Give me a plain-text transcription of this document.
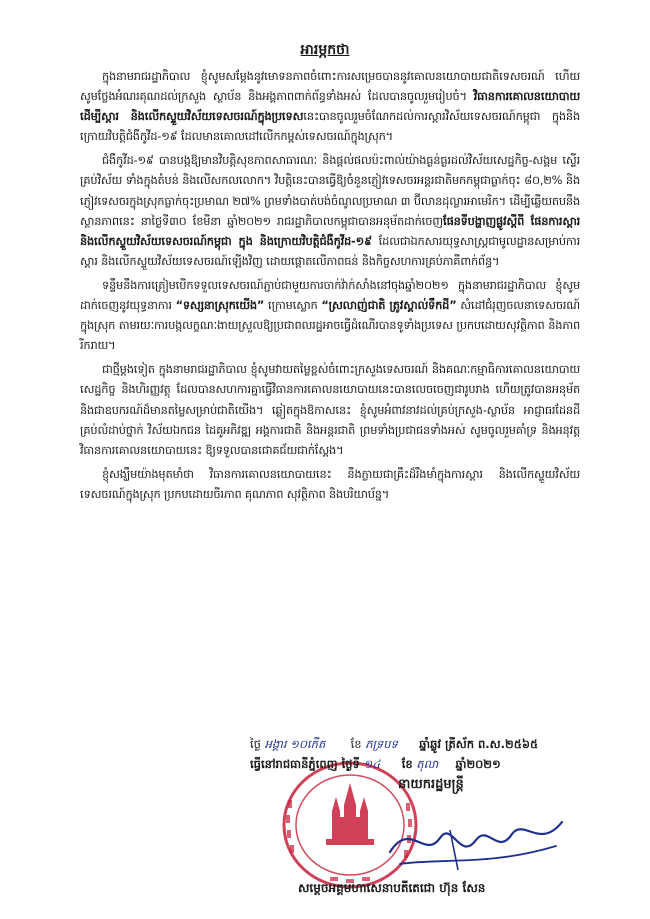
អារម្ភកថា

ក្នុងនាមរាជរដ្ឋាភិបាល ខ្ញុំសូមសម្តែងនូវមោទនភាពចំពោះការសម្រេចបាននូវគោលនយោបាយជាតិទេសចរណ៍ ហើយសូមថ្លែងអំណរគុណដល់ក្រសួង ស្ថាប័ន និងអង្គភាពពាក់ព័ន្ធទាំងអស់ ដែលបានចូលរួមរៀបចំ។ វិធានការគោលនយោបាយដើម្បីស្តារ និងលើកស្ទួយវិស័យទេសចរណ៍ក្នុងប្រទេសនេះបានចូលរួមចំណែកដល់ការស្ដារវិស័យទេសចរណ៍កម្ពុជា ក្នុងនិងក្រោយវិបត្តិជំងឺកូវីដ-១៩ ដែលមានគោលដៅលើកកម្ពស់ទេសចរណ៍ក្នុងស្រុក។

ជំងឺកូវីដ-១៩ បានបង្កឱ្យមានវិបត្តិសុខភាពសាធារណៈ និងផ្ដល់ផលប៉ះពាល់យ៉ាងធ្ងន់ធ្ងរដល់វិស័យសេដ្ឋកិច្ច-សង្គម ស្ទើរគ្រប់វិស័យ ទាំងក្នុងតំបន់ និងលើសកលលោក។ វិបត្តិនេះបានធ្វើឱ្យចំនួនភ្ញៀវទេសចរអន្តរជាតិមកកម្ពុជាធ្លាក់ចុះ ៨០,២% និងភ្ញៀវទេសចរក្នុងស្រុកធ្លាក់ចុះប្រមាណ ២៧% ព្រមទាំងបាត់បង់ចំណូលប្រមាណ ៣ ប៊ីលានដុល្លារអាមេរិក។ ដើម្បីឆ្លើយតបនឹងស្ថានភាពនេះ នាថ្ងៃទី៣០ ខែមីនា ឆ្នាំ២០២១ រាជរដ្ឋាភិបាលកម្ពុជាបានអនុម័តដាក់ចេញផែនទីបង្ហាញផ្លូវស្តីពី ផែនការស្តារ និងលើកស្ទួយវិស័យទេសចរណ៍កម្ពុជា ក្នុង និងក្រោយវិបត្តិជំងឺកូវីដ-១៩ ដែលជាឯកសារយុទ្ធសាស្ត្រជាមូលដ្ឋានសម្រាប់ការស្តារ និងលើកស្ទួយវិស័យទេសចរណ៍ឡើងវិញ ដោយផ្ដោតលើភាពធន់ និងកិច្ចសហការគ្រប់ភាគីពាក់ព័ន្ធ។

ទន្ទឹមនឹងការត្រៀមបើកទទួលទេសចរណ៍ភ្ជាប់ជាមួយការចាក់វ៉ាក់សាំងនៅចុងឆ្នាំ២០២១ ក្នុងនាមរាជរដ្ឋាភិបាល ខ្ញុំសូមដាក់ចេញនូវយុទ្ធនាការ “ទស្សនាស្រុកយើង” ក្រោមស្លោក “ស្រលាញ់ជាតិ ត្រូវស្គាល់ទឹកដី” សំដៅជំរុញចលនាទេសចរណ៍ក្នុងស្រុក តាមរយៈការបង្កលក្ខណៈងាយស្រួលឱ្យប្រជាពលរដ្ឋអាចធ្វើដំណើរបានទូទាំងប្រទេស ប្រកបដោយសុវត្ថិភាព និងភាពរីករាយ។

ជាថ្មីម្ដងទៀត ក្នុងនាមរាជរដ្ឋាភិបាល ខ្ញុំសូមវាយតម្លៃខ្ពស់ចំពោះក្រសួងទេសចរណ៍ និងគណៈកម្មាធិការគោលនយោបាយសេដ្ឋកិច្ច និងហិរញ្ញវត្ថុ ដែលបានសហការគ្នាធ្វើវិធានការគោលនយោបាយនេះបានលេចចេញជារូបរាង ហើយត្រូវបានអនុម័ត និងជាឧបករណ៍ដ៏មានតម្លៃសម្រាប់ជាតិយើង។ ឆ្លៀតក្នុងឱកាសនេះ ខ្ញុំសូមអំពាវនាវដល់គ្រប់ក្រសួង-ស្ថាប័ន អាជ្ញាធរដែនដីគ្រប់លំដាប់ថ្នាក់ វិស័យឯកជន ដៃគូអភិវឌ្ឍ អង្គការជាតិ និងអន្តរជាតិ ព្រមទាំងប្រជាជនទាំងអស់ សូមចូលរួមគាំទ្រ និងអនុវត្តវិធានការគោលនយោបាយនេះ ឱ្យទទួលបានជោគជ័យជាក់ស្តែង។

ខ្ញុំសង្ឃឹមយ៉ាងមុតមាំថា វិធានការគោលនយោបាយនេះ នឹងក្លាយជាគ្រឹះដ៏រឹងមាំក្នុងការស្តារ និងលើកស្ទួយវិស័យទេសចរណ៍ក្នុងស្រុក ប្រកបដោយចីរភាព គុណភាព សុវត្ថិភាព និងបរិយាប័ន្ន។

ថ្ងៃ អង្គារ ១០កើត ខែ ភទ្របទ ឆ្នាំឆ្លូវ ត្រីស័ក ព.ស.២៥៦៥
ធ្វើនៅរាជធានីភ្នំពេញ ថ្ងៃទី ១៤ ខែ តុលា ឆ្នាំ២០២១
នាយករដ្ឋមន្ត្រី
សម្តេចអគ្គមហាសេនាបតីតេជោ ហ៊ុន សែន
